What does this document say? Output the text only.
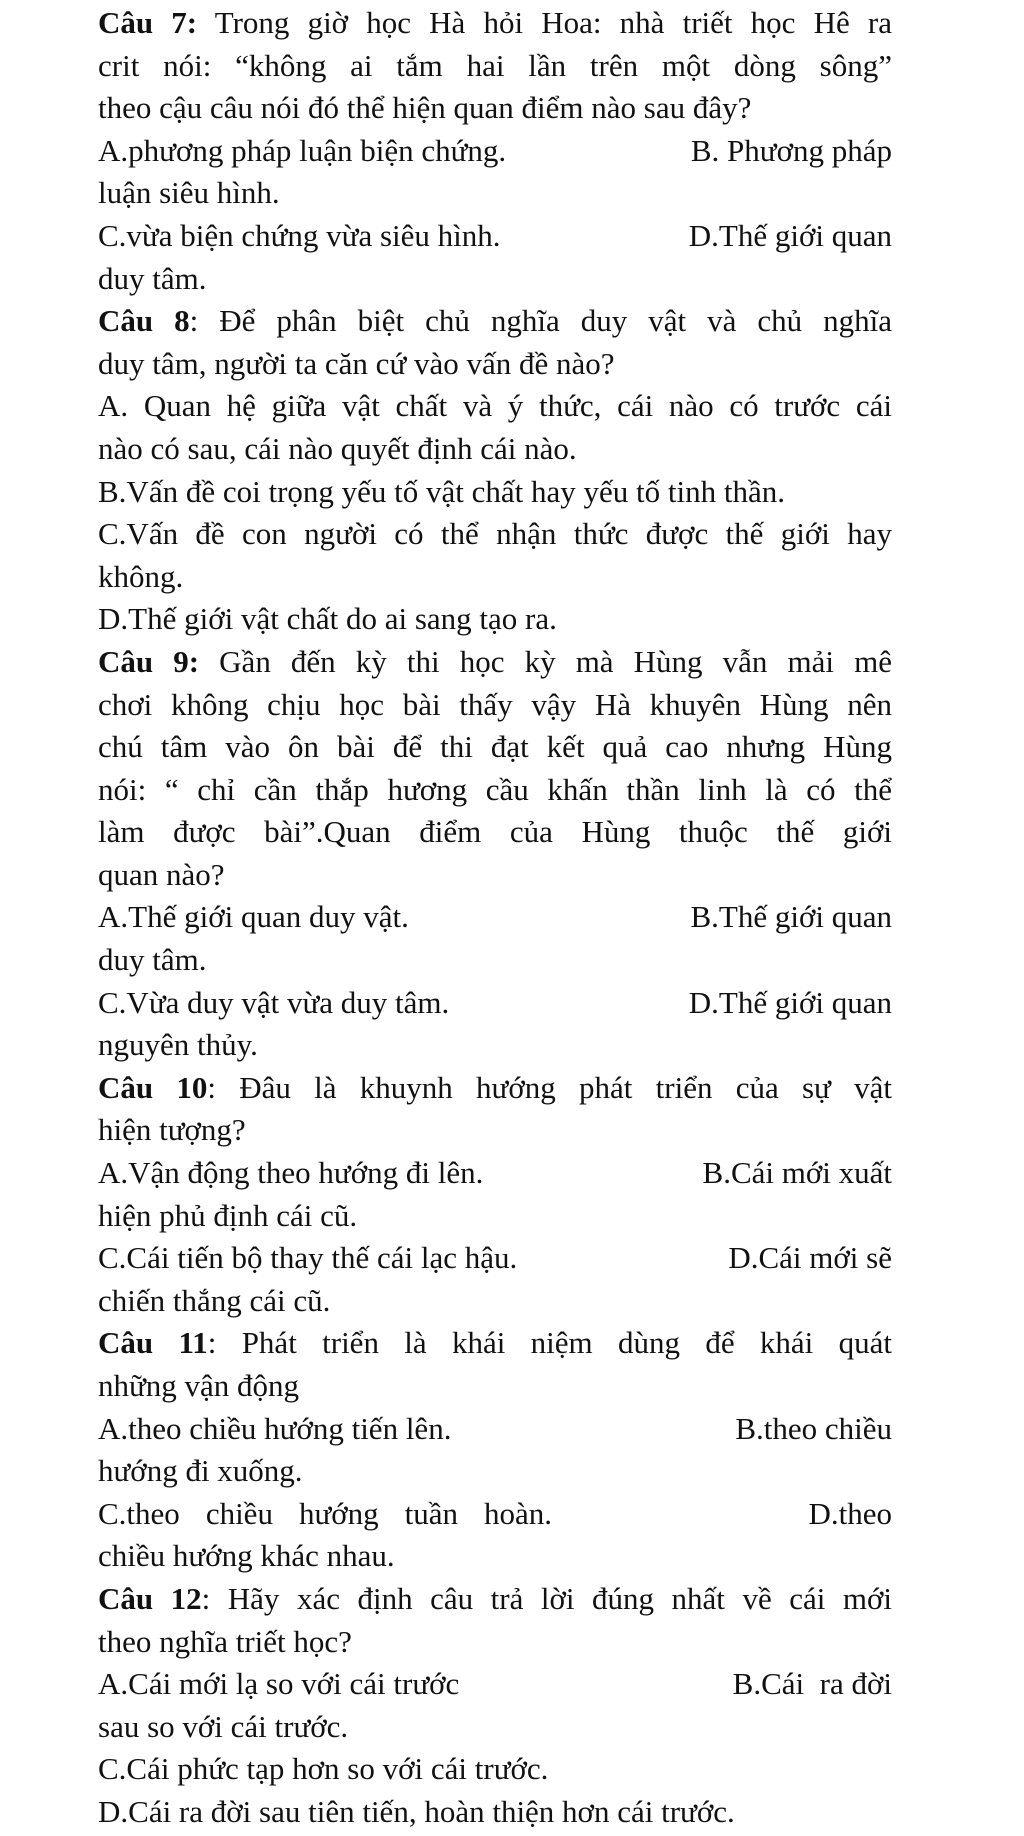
Câu 7: Trong giờ học Hà hỏi Hoa: nhà triết học Hê ra
crit nói: “không ai tắm hai lần trên một dòng sông”
theo cậu câu nói đó thể hiện quan điểm nào sau đây?
A.phương pháp luận biện chứng.	B. Phương pháp
luận siêu hình.
C.vừa biện chứng vừa siêu hình.	D.Thế giới quan
duy tâm.
Câu 8: Để phân biệt chủ nghĩa duy vật và chủ nghĩa
duy tâm, người ta căn cứ vào vấn đề nào?
A. Quan hệ giữa vật chất và ý thức, cái nào có trước cái
nào có sau, cái nào quyết định cái nào.
B.Vấn đề coi trọng yếu tố vật chất hay yếu tố tinh thần.
C.Vấn đề con người có thể nhận thức được thế giới hay
không.
D.Thế giới vật chất do ai sang tạo ra.
Câu 9: Gần đến kỳ thi học kỳ mà Hùng vẫn mải mê
chơi không chịu học bài thấy vậy Hà khuyên Hùng nên
chú tâm vào ôn bài để thi đạt kết quả cao nhưng Hùng
nói: “ chỉ cần thắp hương cầu khấn thần linh là có thể
làm được bài”.Quan điểm của Hùng thuộc thế giới
quan nào?
A.Thế giới quan duy vật.	B.Thế giới quan
duy tâm.
C.Vừa duy vật vừa duy tâm.	D.Thế giới quan
nguyên thủy.
Câu 10: Đâu là khuynh hướng phát triển của sự vật
hiện tượng?
A.Vận động theo hướng đi lên.	B.Cái mới xuất
hiện phủ định cái cũ.
C.Cái tiến bộ thay thế cái lạc hậu.	D.Cái mới sẽ
chiến thắng cái cũ.
Câu 11: Phát triển là khái niệm dùng để khái quát
những vận động
A.theo chiều hướng tiến lên.	B.theo chiều
hướng đi xuống.
C.theo chiều hướng tuần hoàn.	D.theo
chiều hướng khác nhau.
Câu 12: Hãy xác định câu trả lời đúng nhất về cái mới
theo nghĩa triết học?
A.Cái mới lạ so với cái trước	B.Cái  ra đời
sau so với cái trước.
C.Cái phức tạp hơn so với cái trước.
D.Cái ra đời sau tiên tiến, hoàn thiện hơn cái trước.
